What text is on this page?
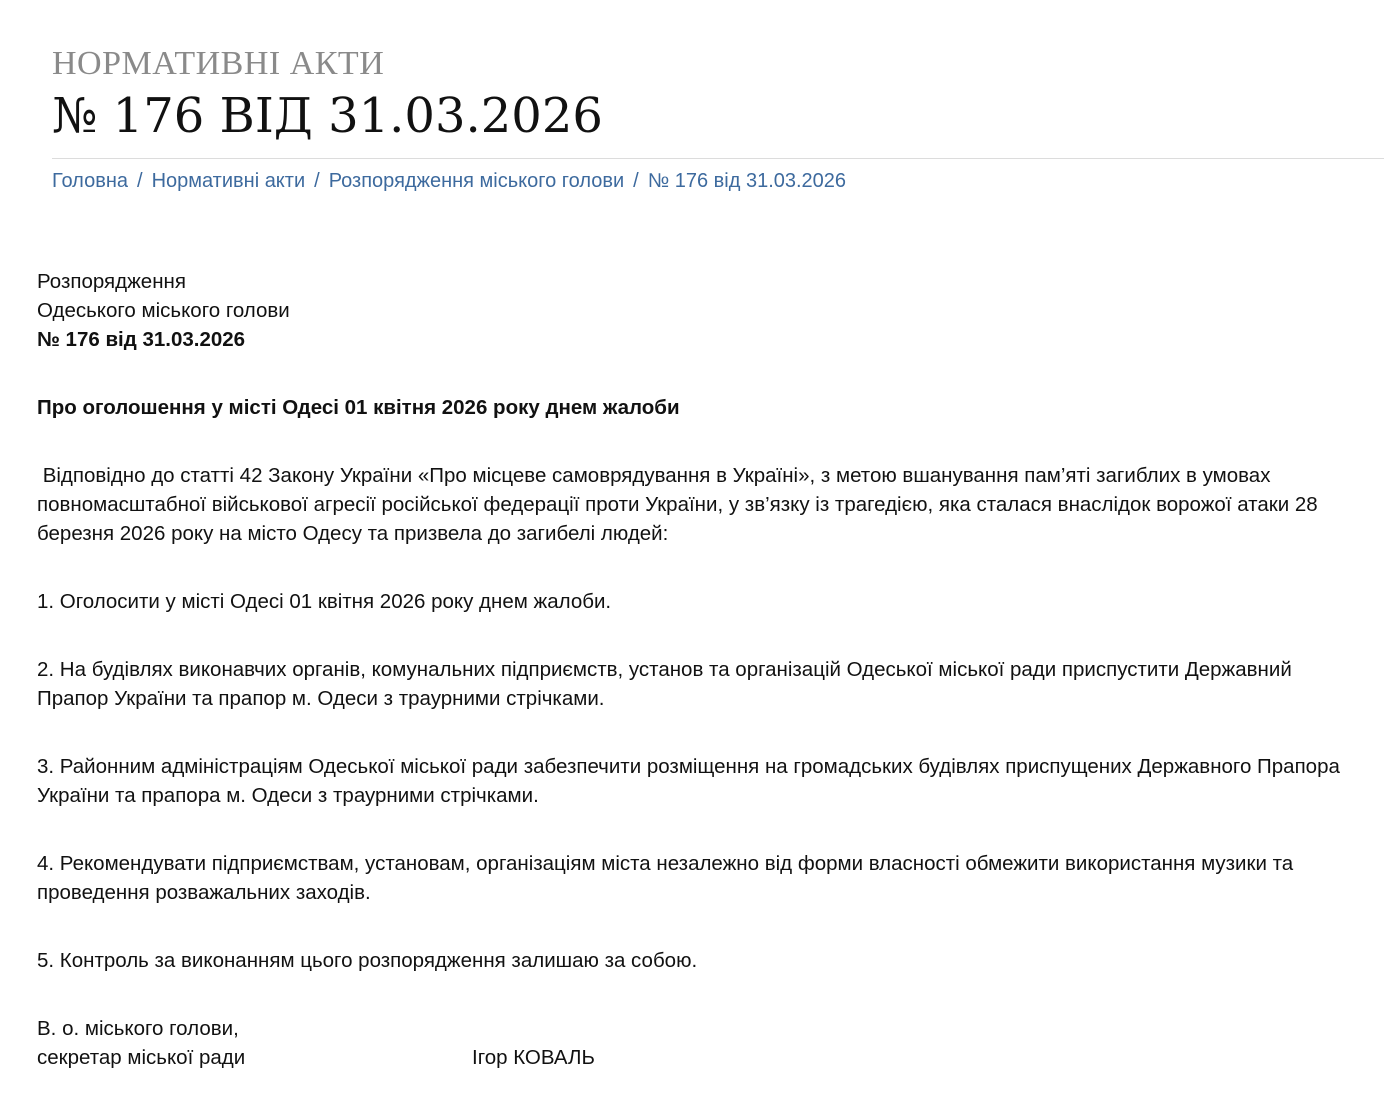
НОРМАТИВНІ АКТИ
№ 176 ВІД 31.03.2026
Головна / Нормативні акти / Розпорядження міського голови / № 176 від 31.03.2026

Розпорядження
Одеського міського голови
№ 176 від 31.03.2026

Про оголошення у місті Одесі 01 квітня 2026 року днем жалоби

Відповідно до статті 42 Закону України «Про місцеве самоврядування в Україні», з метою вшанування пам’яті загиблих в умовах повномасштабної військової агресії російської федерації проти України, у зв’язку із трагедією, яка сталася внаслідок ворожої атаки 28 березня 2026 року на місто Одесу та призвела до загибелі людей:

1. Оголосити у місті Одесі 01 квітня 2026 року днем жалоби.

2. На будівлях виконавчих органів, комунальних підприємств, установ та організацій Одеської міської ради приспустити Державний Прапор України та прапор м. Одеси з траурними стрічками.

3. Районним адміністраціям Одеської міської ради забезпечити розміщення на громадських будівлях приспущених Державного Прапора України та прапора м. Одеси з траурними стрічками.

4. Рекомендувати підприємствам, установам, організаціям міста незалежно від форми власності обмежити використання музики та проведення розважальних заходів.

5. Контроль за виконанням цього розпорядження залишаю за собою.

В. о. міського голови,

секретар міської ради	Ігор КОВАЛЬ
